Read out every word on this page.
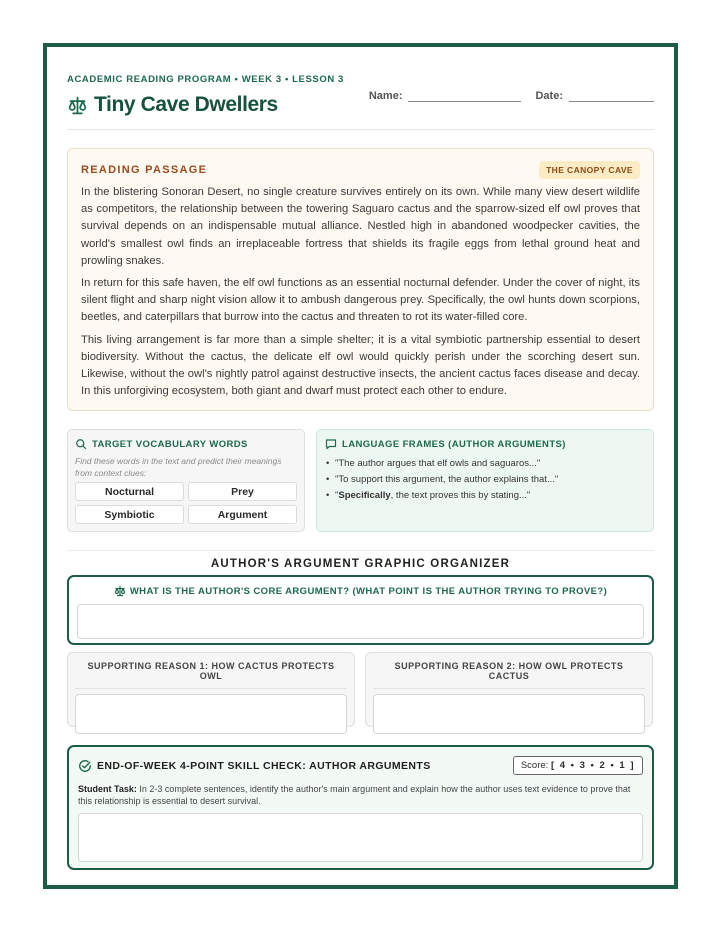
ACADEMIC READING PROGRAM • WEEK 3 • LESSON 3
Tiny Cave Dwellers	Name:	Date:
READING PASSAGE	THE CANOPY CAVE

In the blistering Sonoran Desert, no single creature survives entirely on its own. While many view desert wildlife as competitors, the relationship between the towering Saguaro cactus and the sparrow-sized elf owl proves that survival depends on an indispensable mutual alliance. Nestled high in abandoned woodpecker cavities, the world's smallest owl finds an irreplaceable fortress that shields its fragile eggs from lethal ground heat and prowling snakes.

In return for this safe haven, the elf owl functions as an essential nocturnal defender. Under the cover of night, its silent flight and sharp night vision allow it to ambush dangerous prey. Specifically, the owl hunts down scorpions, beetles, and caterpillars that burrow into the cactus and threaten to rot its water-filled core.

This living arrangement is far more than a simple shelter; it is a vital symbiotic partnership essential to desert biodiversity. Without the cactus, the delicate elf owl would quickly perish under the scorching desert sun. Likewise, without the owl's nightly patrol against destructive insects, the ancient cactus faces disease and decay. In this unforgiving ecosystem, both giant and dwarf must protect each other to endure.

TARGET VOCABULARY WORDS
Find these words in the text and predict their meanings from context clues:
Nocturnal	Prey
Symbiotic	Argument
LANGUAGE FRAMES (AUTHOR ARGUMENTS)
• "The author argues that elf owls and saguaros..."
• "To support this argument, the author explains that..."
• "Specifically, the text proves this by stating..."
AUTHOR'S ARGUMENT GRAPHIC ORGANIZER
WHAT IS THE AUTHOR'S CORE ARGUMENT? (WHAT POINT IS THE AUTHOR TRYING TO PROVE?)
SUPPORTING REASON 1: HOW CACTUS PROTECTS OWL
SUPPORTING REASON 2: HOW OWL PROTECTS CACTUS
END-OF-WEEK 4-POINT SKILL CHECK: AUTHOR ARGUMENTS	Score: [ 4 • 3 • 2 • 1 ]
Student Task: In 2-3 complete sentences, identify the author's main argument and explain how the author uses text evidence to prove that this relationship is essential to desert survival.
